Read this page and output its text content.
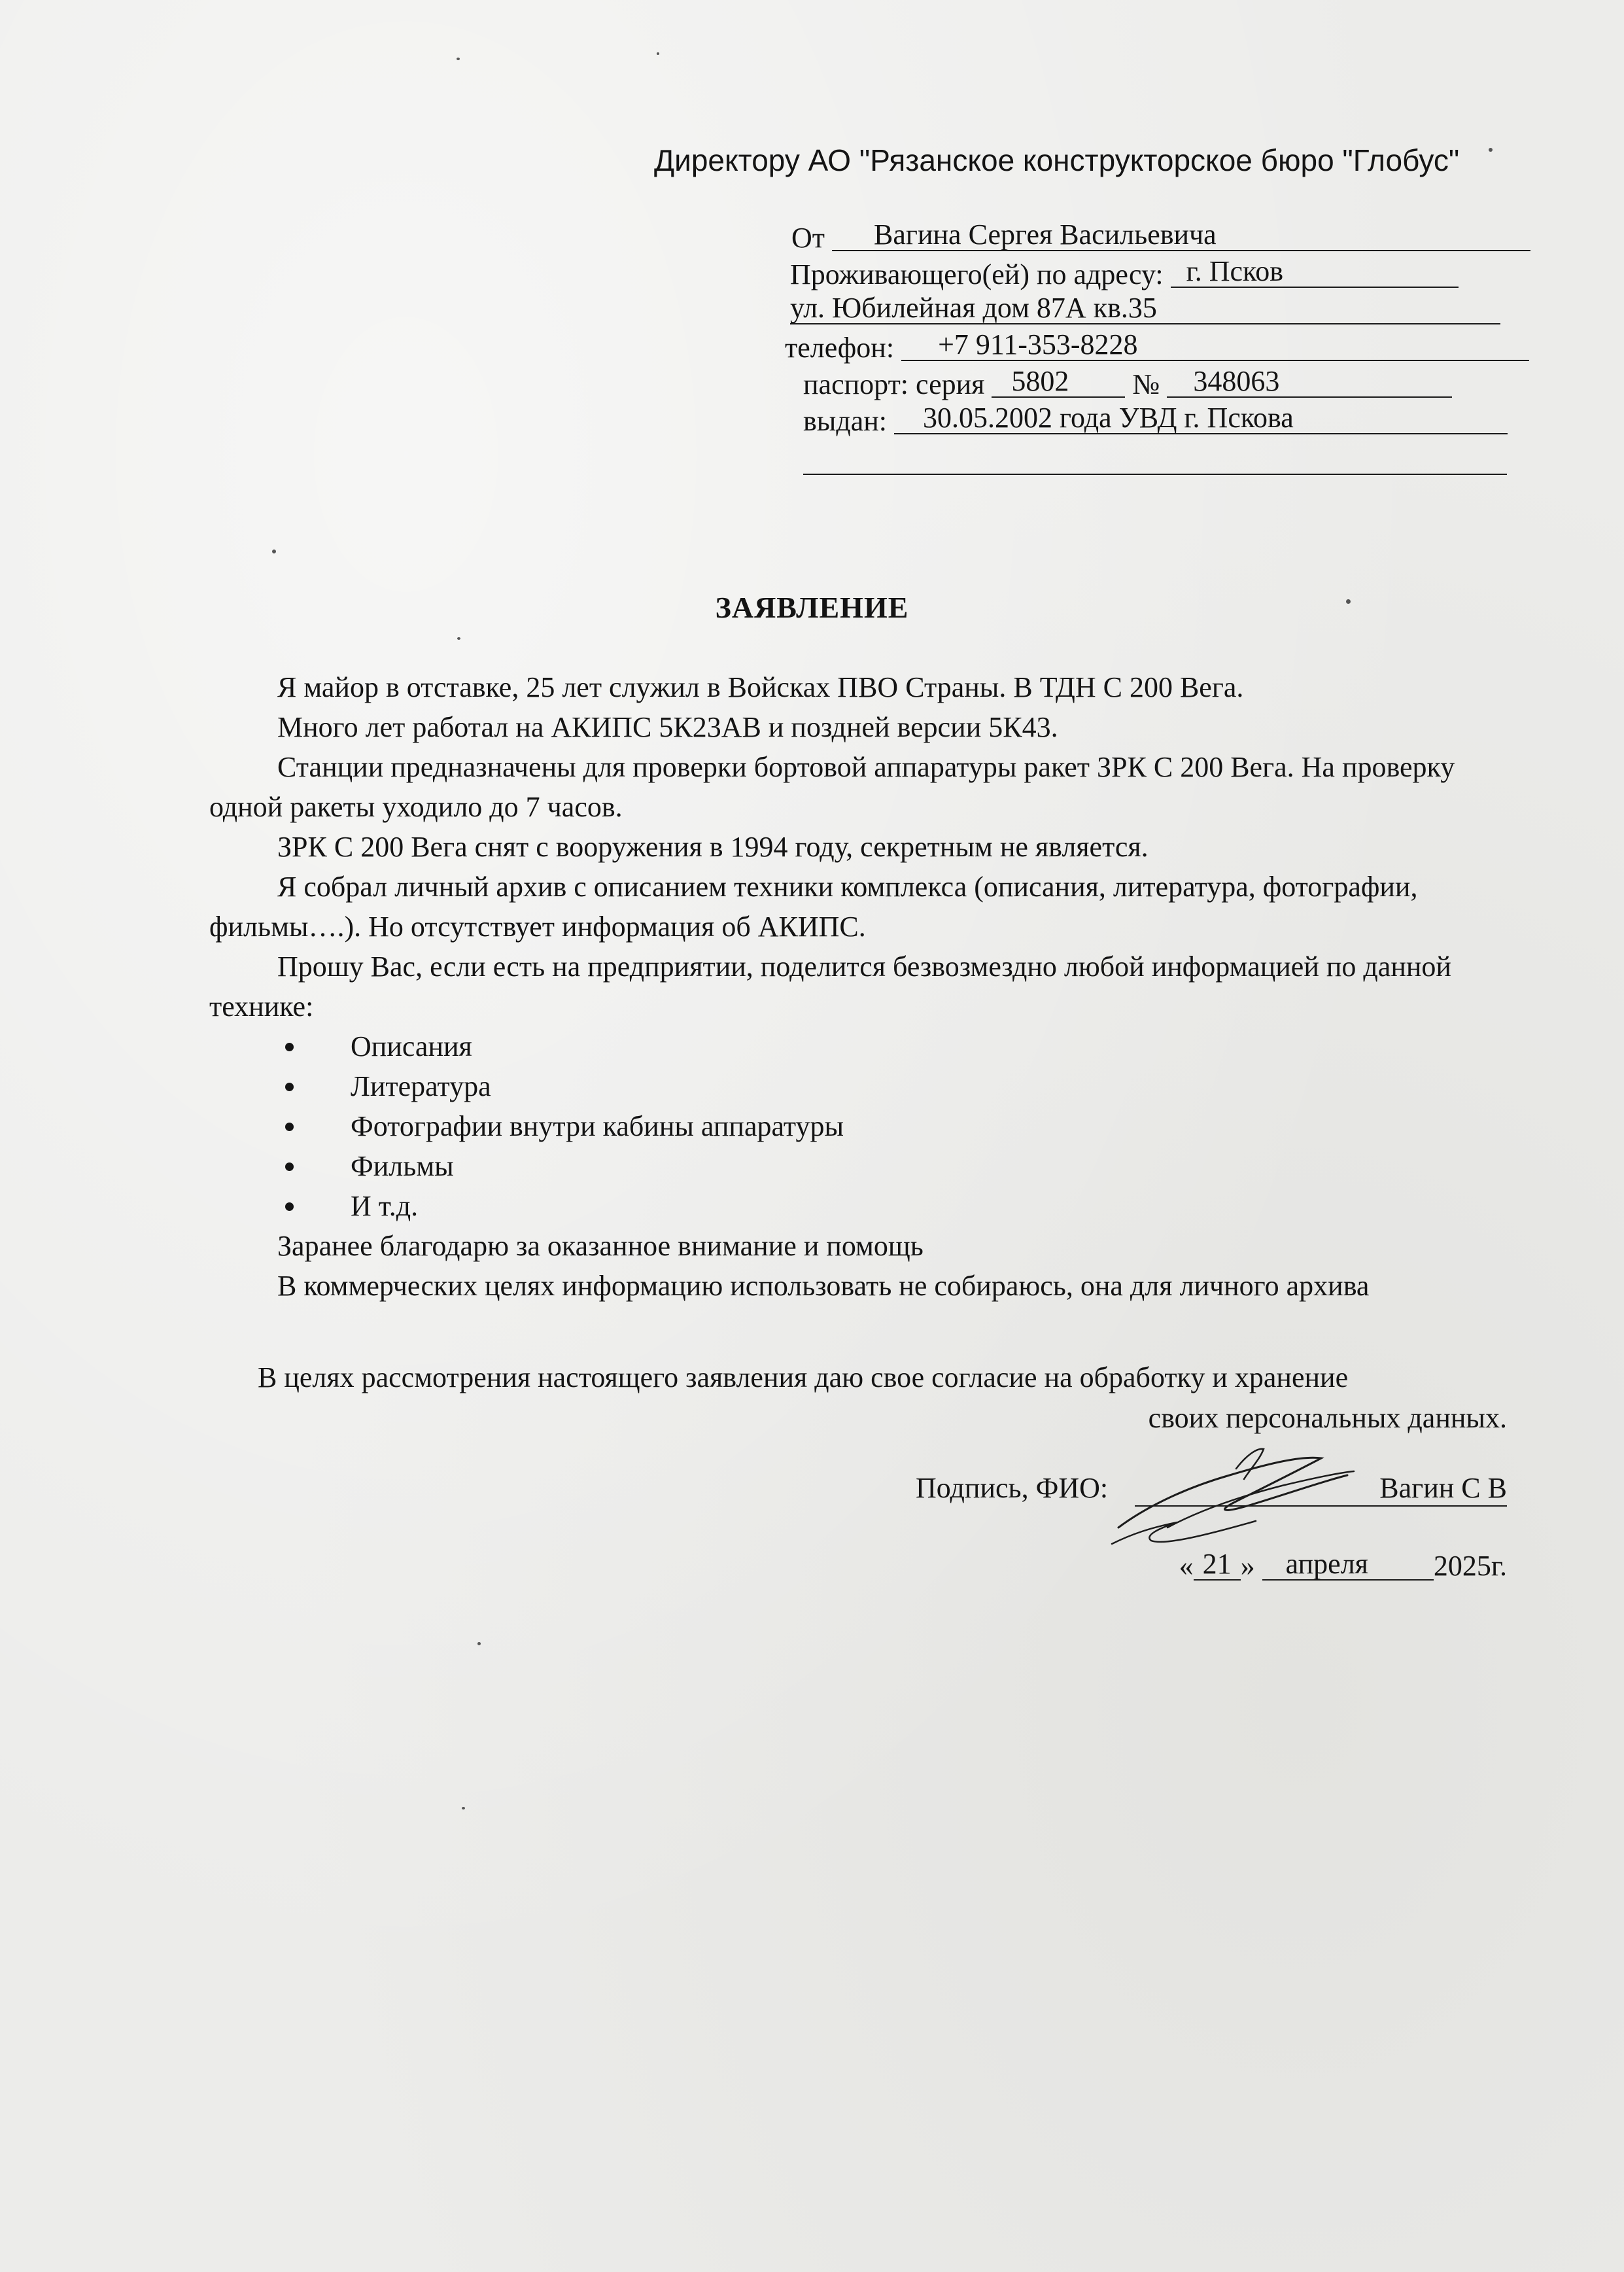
Директору АО "Рязанское конструкторское бюро "Глобус"
От Вагина Сергея Васильевича
Проживающего(ей) по адресу: г. Псков
ул. Юбилейная дом 87А кв.35
телефон: +7 911-353-8228
паспорт: серия 5802 № 348063
выдан: 30.05.2002 года УВД г. Пскова
ЗАЯВЛЕНИЕ

Я майор в отставке, 25 лет служил в Войсках ПВО Страны. В ТДН С 200 Вега.

Много лет работал на АКИПС 5К23АВ и поздней версии 5К43.

Станции предназначены для проверки бортовой аппаратуры ракет ЗРК С 200 Вега. На проверку одной ракеты уходило до 7 часов.

ЗРК С 200 Вега снят с вооружения в 1994 году, секретным не является.

Я собрал личный архив с описанием техники комплекса (описания, литература, фотографии, фильмы….). Но отсутствует информация об АКИПС.

Прошу Вас, если есть на предприятии, поделится безвозмездно любой информацией по данной технике:

Описания
Литература
Фотографии внутри кабины аппаратуры
Фильмы
И т.д.

Заранее благодарю за оказанное внимание и помощь

В коммерческих целях информацию использовать не собираюсь, она для личного архива

В целях рассмотрения настоящего заявления даю свое согласие на обработку и хранение
своих персональных данных.
Подпись, ФИО:	Вагин С В
« 21 » апреля 2025г.
